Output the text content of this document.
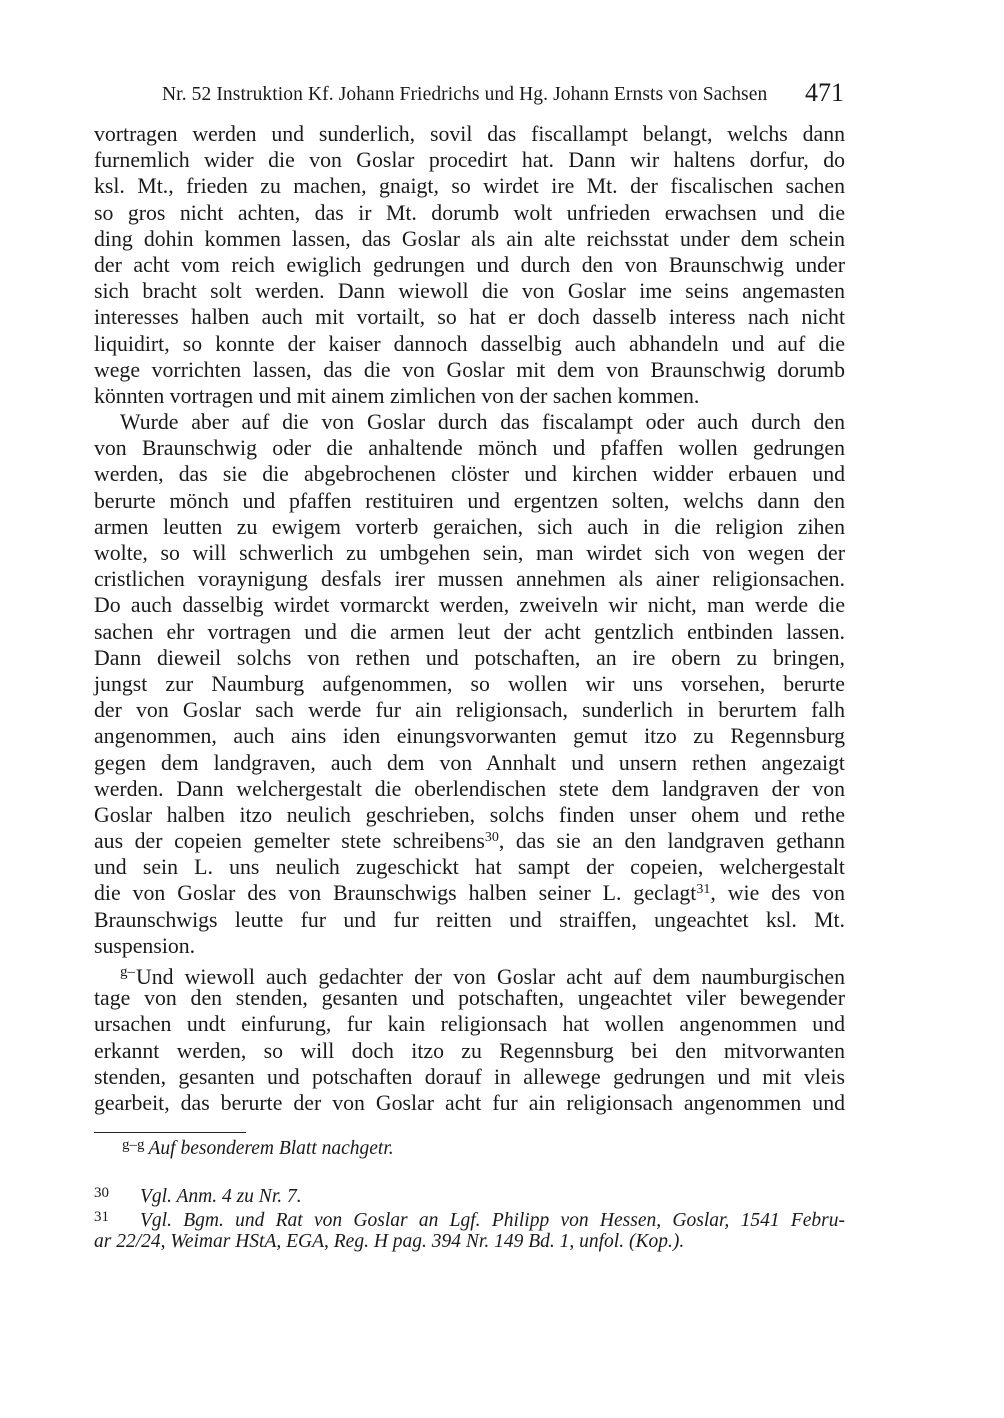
Nr. 52 Instruktion Kf. Johann Friedrichs und Hg. Johann Ernsts von Sachsen 471
vortragen werden und sunderlich, sovil das fiscallampt belangt, welchs dann
furnemlich wider die von Goslar procedirt hat. Dann wir haltens dorfur, do
ksl. Mt., frieden zu machen, gnaigt, so wirdet ire Mt. der fiscalischen sachen
so gros nicht achten, das ir Mt. dorumb wolt unfrieden erwachsen und die
ding dohin kommen lassen, das Goslar als ain alte reichsstat under dem schein
der acht vom reich ewiglich gedrungen und durch den von Braunschwig under
sich bracht solt werden. Dann wiewoll die von Goslar ime seins angemasten
interesses halben auch mit vortailt, so hat er doch dasselb interess nach nicht
liquidirt, so konnte der kaiser dannoch dasselbig auch abhandeln und auf die
wege vorrichten lassen, das die von Goslar mit dem von Braunschwig dorumb
könnten vortragen und mit ainem zimlichen von der sachen kommen.
Wurde aber auf die von Goslar durch das fiscalampt oder auch durch den
von Braunschwig oder die anhaltende mönch und pfaffen wollen gedrungen
werden, das sie die abgebrochenen clöster und kirchen widder erbauen und
berurte mönch und pfaffen restituiren und ergentzen solten, welchs dann den
armen leutten zu ewigem vorterb geraichen, sich auch in die religion zihen
wolte, so will schwerlich zu umbgehen sein, man wirdet sich von wegen der
cristlichen voraynigung desfals irer mussen annehmen als ainer religionsachen.
Do auch dasselbig wirdet vormarckt werden, zweiveln wir nicht, man werde die
sachen ehr vortragen und die armen leut der acht gentzlich entbinden lassen.
Dann dieweil solchs von rethen und potschaften, an ire obern zu bringen,
jungst zur Naumburg aufgenommen, so wollen wir uns vorsehen, berurte
der von Goslar sach werde fur ain religionsach, sunderlich in berurtem falh
angenommen, auch ains iden einungsvorwanten gemut itzo zu Regennsburg
gegen dem landgraven, auch dem von Annhalt und unsern rethen angezaigt
werden. Dann welchergestalt die oberlendischen stete dem landgraven der von
Goslar halben itzo neulich geschrieben, solchs finden unser ohem und rethe
aus der copeien gemelter stete schreibens$^{30}$, das sie an den landgraven gethann
und sein L. uns neulich zugeschickt hat sampt der copeien, welchergestalt
die von Goslar des von Braunschwigs halben seiner L. geclagt$^{31}$, wie des von
Braunschwigs leutte fur und fur reitten und straiffen, ungeachtet ksl. Mt.
suspension.
$^{g-}$Und wiewoll auch gedachter der von Goslar acht auf dem naumburgischen
tage von den stenden, gesanten und potschaften, ungeachtet viler bewegender
ursachen undt einfurung, fur kain religionsach hat wollen angenommen und
erkannt werden, so will doch itzo zu Regennsburg bei den mitvorwanten
stenden, gesanten und potschaften dorauf in allewege gedrungen und mit vleis
gearbeit, das berurte der von Goslar acht fur ain religionsach angenommen und
$^{g-g}$ Auf besonderem Blatt nachgetr.
30 Vgl. Anm. 4 zu Nr. 7.
31 Vgl. Bgm. und Rat von Goslar an Lgf. Philipp von Hessen, Goslar, 1541 Febru-
ar 22/24, Weimar HStA, EGA, Reg. H pag. 394 Nr. 149 Bd. 1, unfol. (Kop.).
